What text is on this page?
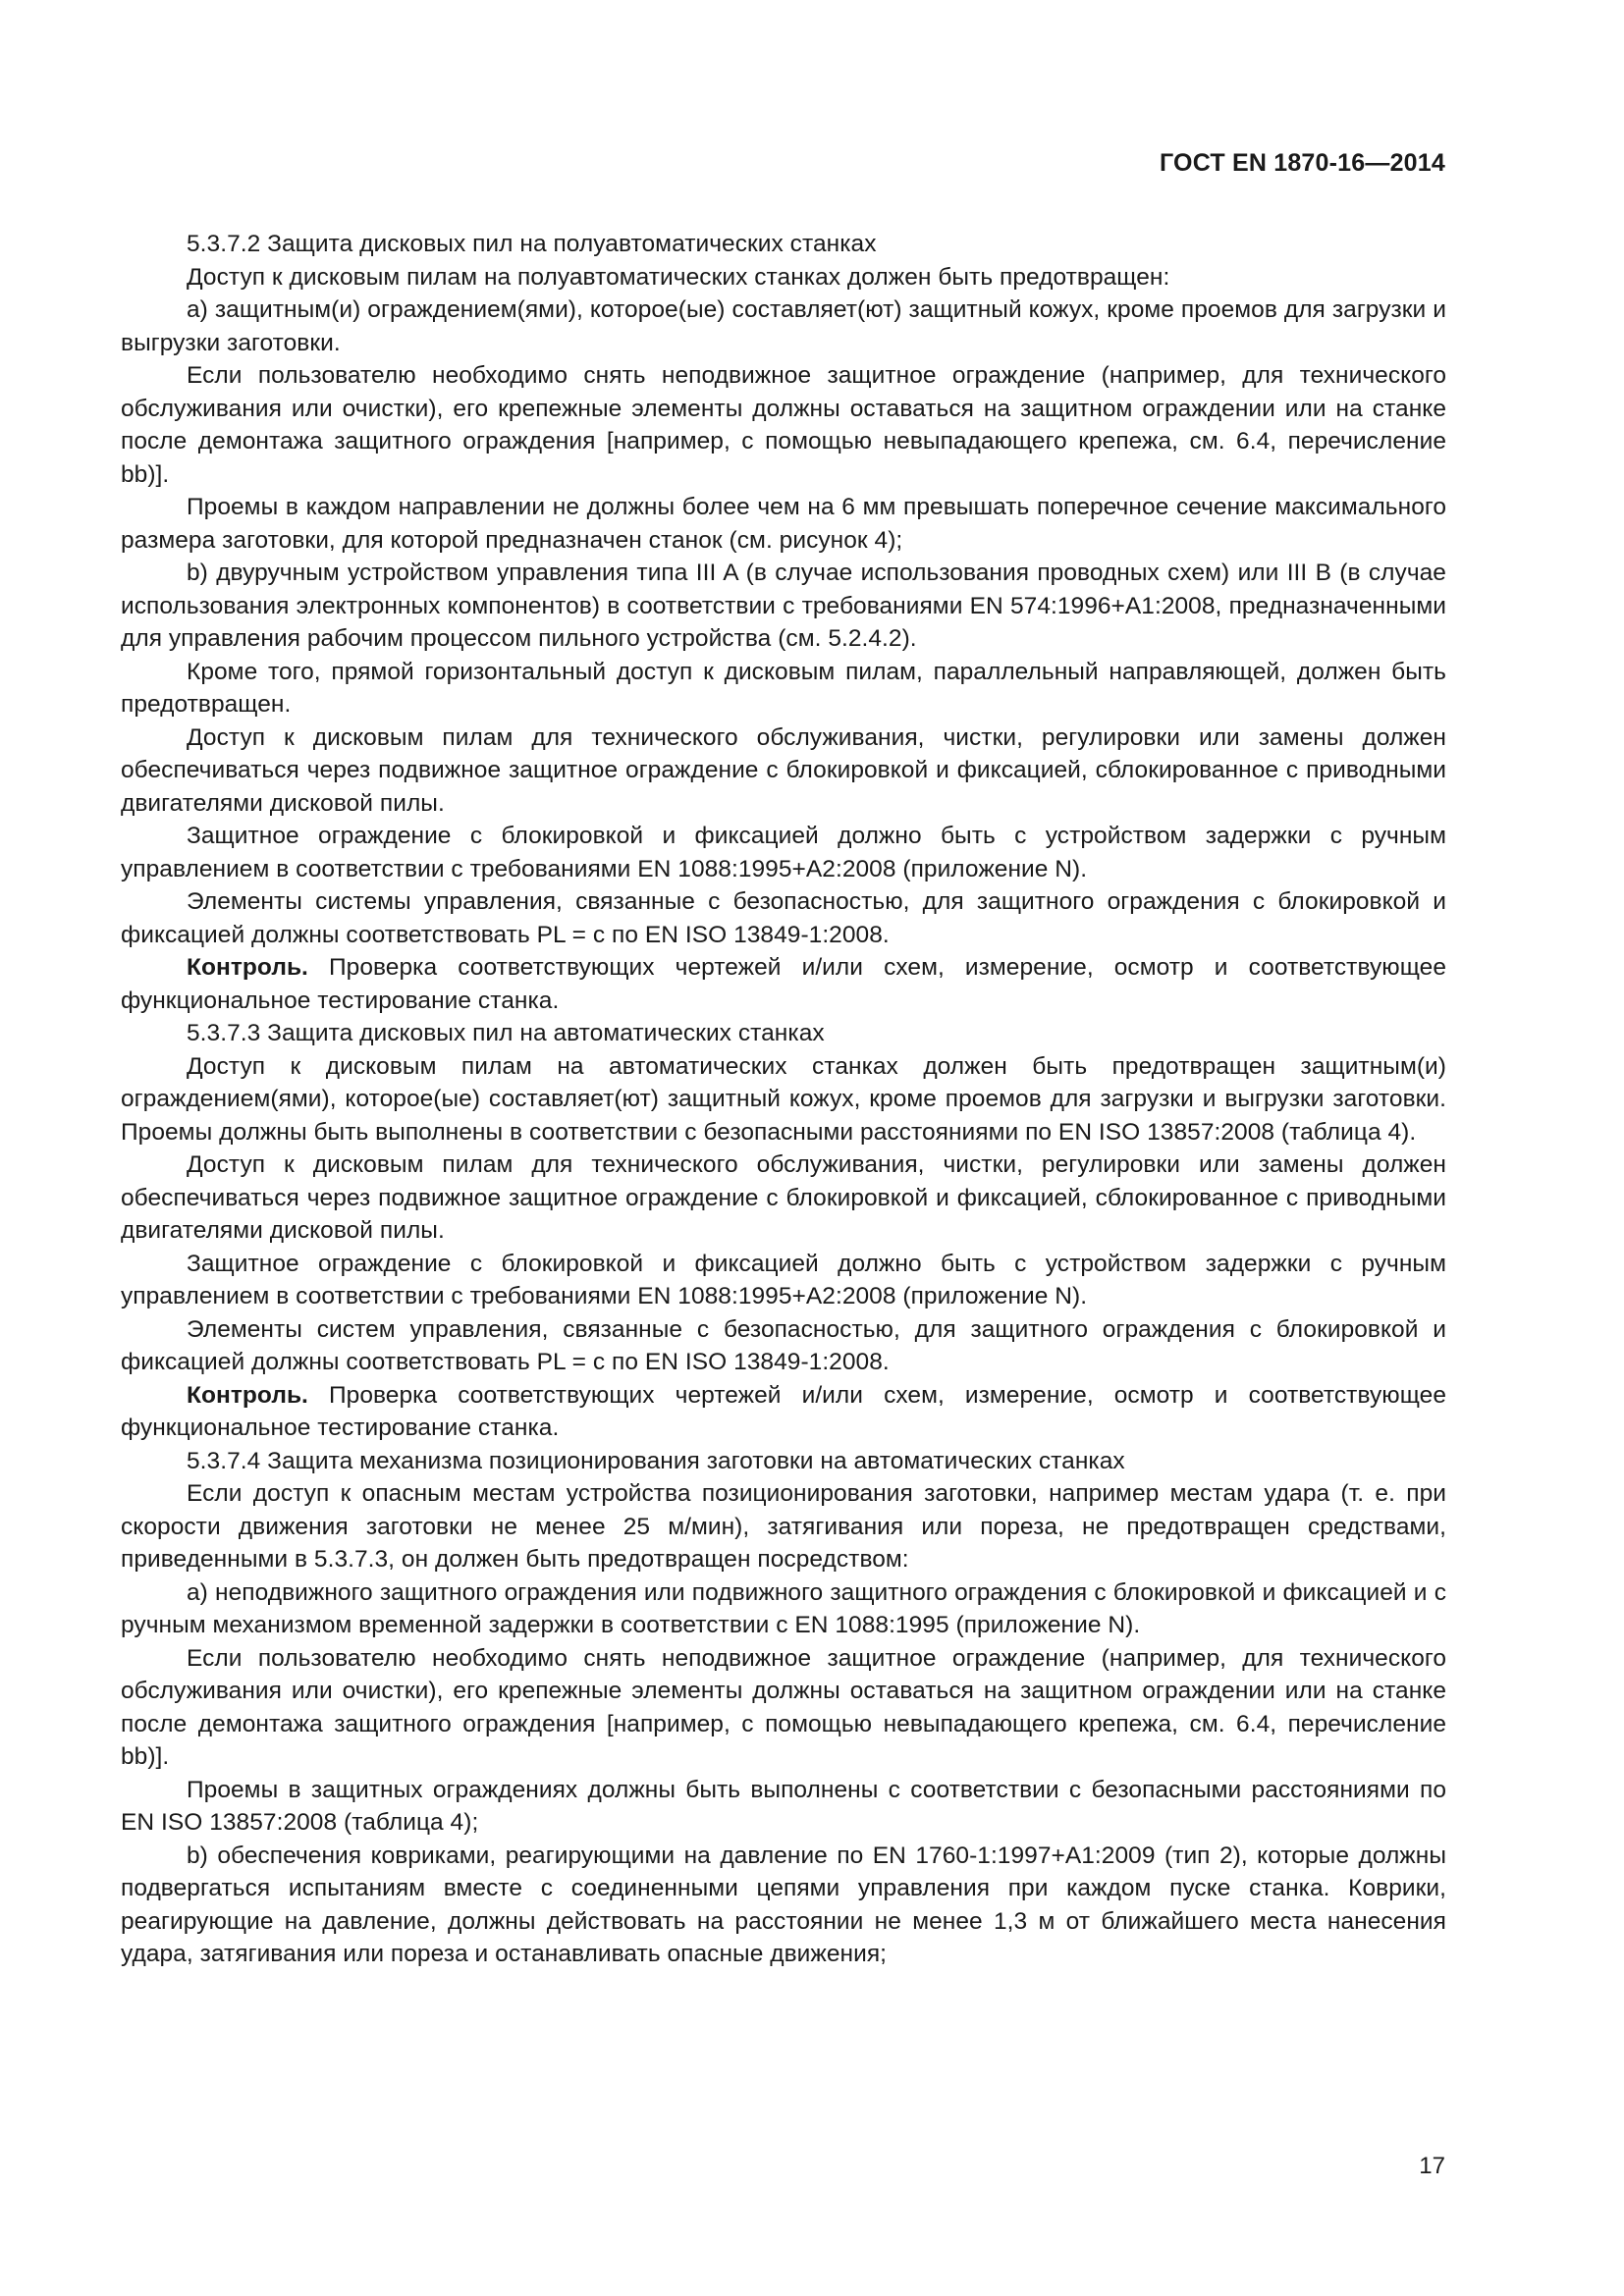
ГОСТ EN 1870-16—2014

5.3.7.2 Защита дисковых пил на полуавтоматических станках

Доступ к дисковым пилам на полуавтоматических станках должен быть предотвращен:

a) защитным(и) ограждением(ями), которое(ые) составляет(ют) защитный кожух, кроме проемов для загрузки и выгрузки заготовки.

Если пользователю необходимо снять неподвижное защитное ограждение (например, для технического обслуживания или очистки), его крепежные элементы должны оставаться на защитном ограждении или на станке после демонтажа защитного ограждения [например, с помощью невыпадающего крепежа, см. 6.4, перечисление bb)].

Проемы в каждом направлении не должны более чем на 6 мм превышать поперечное сечение максимального размера заготовки, для которой предназначен станок (см. рисунок 4);

b) двуручным устройством управления типа III A (в случае использования проводных схем) или III B (в случае использования электронных компонентов) в соответствии с требованиями EN 574:1996+A1:2008, предназначенными для управления рабочим процессом пильного устройства (см. 5.2.4.2).

Кроме того, прямой горизонтальный доступ к дисковым пилам, параллельный направляющей, должен быть предотвращен.

Доступ к дисковым пилам для технического обслуживания, чистки, регулировки или замены должен обеспечиваться через подвижное защитное ограждение с блокировкой и фиксацией, сблокированное с приводными двигателями дисковой пилы.

Защитное ограждение с блокировкой и фиксацией должно быть с устройством задержки с ручным управлением в соответствии с требованиями EN 1088:1995+A2:2008 (приложение N).

Элементы системы управления, связанные с безопасностью, для защитного ограждения с блокировкой и фиксацией должны соответствовать PL = c по EN ISO 13849-1:2008.

Контроль. Проверка соответствующих чертежей и/или схем, измерение, осмотр и соответствующее функциональное тестирование станка.

5.3.7.3 Защита дисковых пил на автоматических станках

Доступ к дисковым пилам на автоматических станках должен быть предотвращен защитным(и) ограждением(ями), которое(ые) составляет(ют) защитный кожух, кроме проемов для загрузки и выгрузки заготовки. Проемы должны быть выполнены в соответствии с безопасными расстояниями по EN ISO 13857:2008 (таблица 4).

Доступ к дисковым пилам для технического обслуживания, чистки, регулировки или замены должен обеспечиваться через подвижное защитное ограждение с блокировкой и фиксацией, сблокированное с приводными двигателями дисковой пилы.

Защитное ограждение с блокировкой и фиксацией должно быть с устройством задержки с ручным управлением в соответствии с требованиями EN 1088:1995+A2:2008 (приложение N).

Элементы систем управления, связанные с безопасностью, для защитного ограждения с блокировкой и фиксацией должны соответствовать PL = c по EN ISO 13849-1:2008.

Контроль. Проверка соответствующих чертежей и/или схем, измерение, осмотр и соответствующее функциональное тестирование станка.

5.3.7.4 Защита механизма позиционирования заготовки на автоматических станках

Если доступ к опасным местам устройства позиционирования заготовки, например местам удара (т. е. при скорости движения заготовки не менее 25 м/мин), затягивания или пореза, не предотвращен средствами, приведенными в 5.3.7.3, он должен быть предотвращен посредством:

a) неподвижного защитного ограждения или подвижного защитного ограждения с блокировкой и фиксацией и с ручным механизмом временной задержки в соответствии с EN 1088:1995 (приложение N).

Если пользователю необходимо снять неподвижное защитное ограждение (например, для технического обслуживания или очистки), его крепежные элементы должны оставаться на защитном ограждении или на станке после демонтажа защитного ограждения [например, с помощью невыпадающего крепежа, см. 6.4, перечисление bb)].

Проемы в защитных ограждениях должны быть выполнены с соответствии с безопасными расстояниями по EN ISO 13857:2008 (таблица 4);

b) обеспечения ковриками, реагирующими на давление по EN 1760-1:1997+A1:2009 (тип 2), которые должны подвергаться испытаниям вместе с соединенными цепями управления при каждом пуске станка. Коврики, реагирующие на давление, должны действовать на расстоянии не менее 1,3 м от ближайшего места нанесения удара, затягивания или пореза и останавливать опасные движения;

17
